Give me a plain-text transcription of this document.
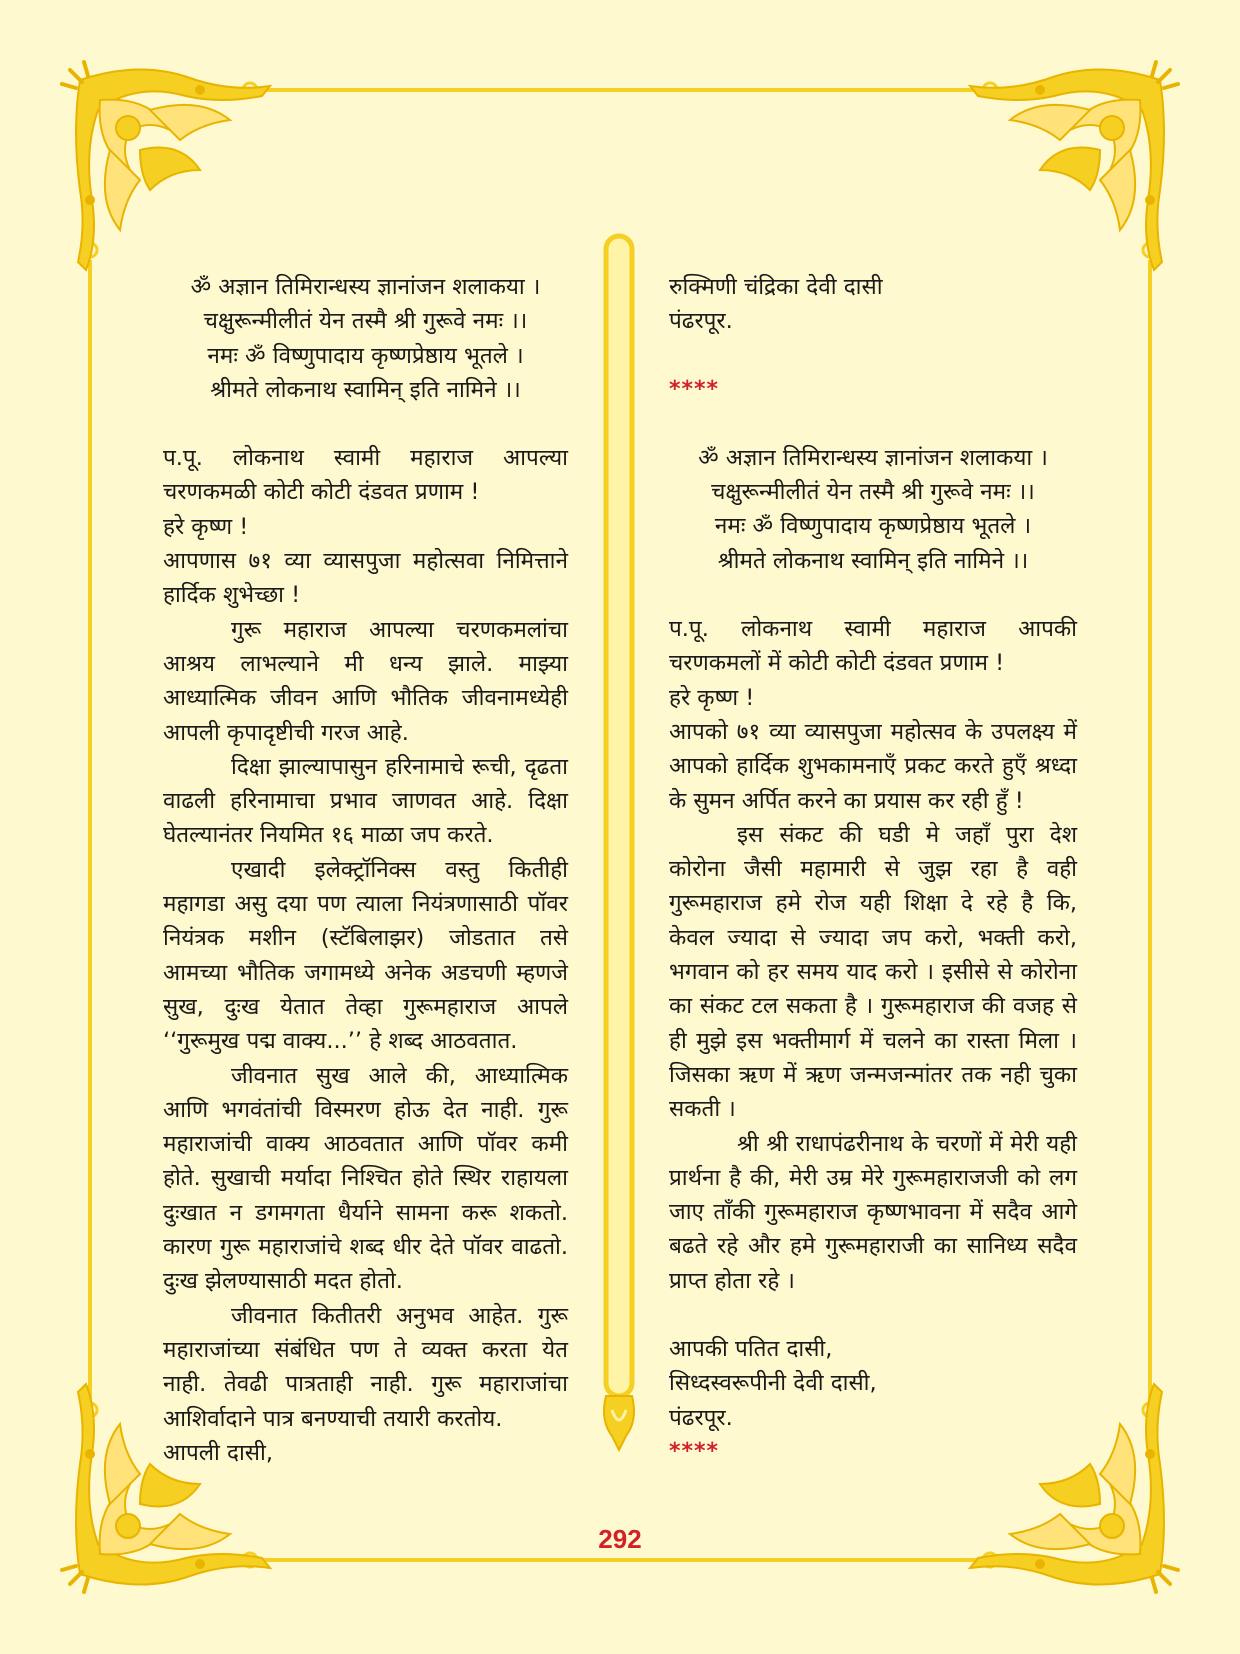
ॐ अज्ञान तिमिरान्धस्य ज्ञानांजन शलाकया ।

चक्षुरून्मीलीतं येन तस्मै श्री गुरूवे नमः ।।

नमः ॐ विष्णुपादाय कृष्णप्रेष्ठाय भूतले ।

श्रीमते लोकनाथ स्वामिन् इति नामिने ।।

प.पू. लोकनाथ स्वामी महाराज आपल्या

चरणकमळी कोटी कोटी दंडवत प्रणाम !

हरे कृष्ण !

आपणास ७१ व्या व्यासपुजा महोत्सवा निमित्ताने

हार्दिक शुभेच्छा !

गुरू महाराज आपल्या चरणकमलांचा आश्रय लाभल्याने मी धन्य झाले. माझ्या आध्यात्मिक जीवन आणि भौतिक जीवनामध्येही आपली कृपादृष्टीची गरज आहे.

दिक्षा झाल्यापासुन हरिनामाचे रूची, दृढता वाढली हरिनामाचा प्रभाव जाणवत आहे. दिक्षा घेतल्यानंतर नियमित १६ माळा जप करते.

एखादी इलेक्ट्रॉनिक्स वस्तु कितीही महागडा असु दया पण त्याला नियंत्रणासाठी पॉवर नियंत्रक मशीन (स्टॅबिलाझर) जोडतात तसे आमच्या भौतिक जगामध्ये अनेक अडचणी म्हणजे सुख, दुःख येतात तेव्हा गुरूमहाराज आपले ‘‘गुरूमुख पद्म वाक्य...’’ हे शब्द आठवतात.

जीवनात सुख आले की, आध्यात्मिक आणि भगवंतांची विस्मरण होऊ देत नाही. गुरू महाराजांची वाक्य आठवतात आणि पॉवर कमी होते. सुखाची मर्यादा निश्चित होते स्थिर राहायला दुःखात न डगमगता धैर्याने सामना करू शकतो. कारण गुरू महाराजांचे शब्द धीर देते पॉवर वाढतो. दुःख झेलण्यासाठी मदत होतो.

जीवनात कितीतरी अनुभव आहेत. गुरू महाराजांच्या संबंधित पण ते व्यक्त करता येत नाही. तेवढी पात्रताही नाही. गुरू महाराजांचा आशिर्वादाने पात्र बनण्याची तयारी करतोय.

आपली दासी,

रुक्मिणी चंद्रिका देवी दासी

पंढरपूर.

****

ॐ अज्ञान तिमिरान्धस्य ज्ञानांजन शलाकया ।

चक्षुरून्मीलीतं येन तस्मै श्री गुरूवे नमः ।।

नमः ॐ विष्णुपादाय कृष्णप्रेष्ठाय भूतले ।

श्रीमते लोकनाथ स्वामिन् इति नामिने ।।

प.पू. लोकनाथ स्वामी महाराज आपकी

चरणकमलों में कोटी कोटी दंडवत प्रणाम !

हरे कृष्ण !

आपको ७१ व्या व्यासपुजा महोत्सव के उपलक्ष्य में आपको हार्दिक शुभकामनाएँ प्रकट करते हुएँ श्रध्दा के सुमन अर्पित करने का प्रयास कर रही हुँ !

इस संकट की घडी मे जहाँ पुरा देश कोरोना जैसी महामारी से जुझ रहा है वही गुरूमहाराज हमे रोज यही शिक्षा दे रहे है कि, केवल ज्यादा से ज्यादा जप करो, भक्ती करो, भगवान को हर समय याद करो । इसीसे से कोरोना का संकट टल सकता है । गुरूमहाराज की वजह से ही मुझे इस भक्तीमार्ग में चलने का रास्ता मिला । जिसका ऋण में ऋण जन्मजन्मांतर तक नही चुका सकती ।

श्री श्री राधापंढरीनाथ के चरणों में मेरी यही प्रार्थना है की, मेरी उम्र मेरे गुरूमहाराजजी को लग जाए ताँकी गुरूमहाराज कृष्णभावना में सदैव आगे बढते रहे और हमे गुरूमहाराजी का सानिध्य सदैव प्राप्त होता रहे ।

आपकी पतित दासी,

सिध्दस्वरूपीनी देवी दासी,

पंढरपूर.

****

292
